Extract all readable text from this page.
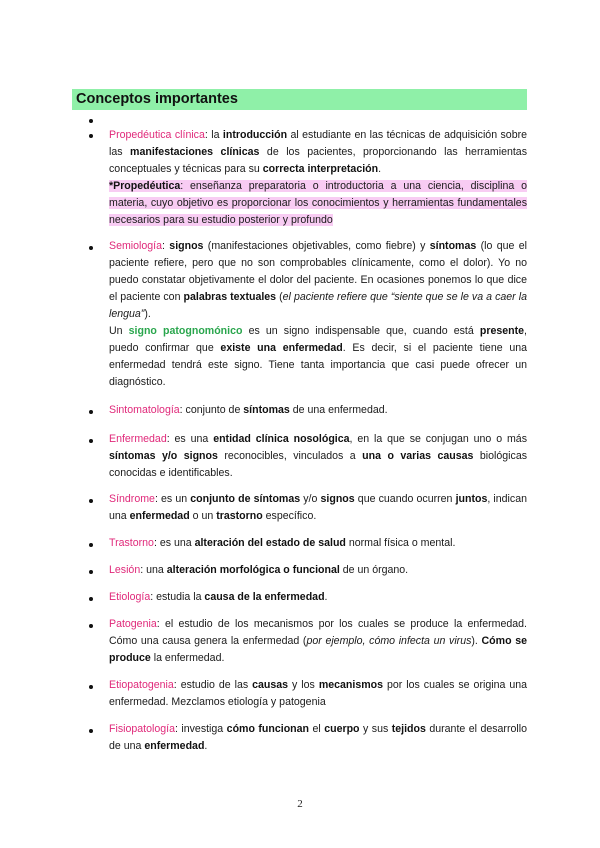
Conceptos importantes
Propedéutica clínica: la introducción al estudiante en las técnicas de adquisición sobre las manifestaciones clínicas de los pacientes, proporcionando las herramientas conceptuales y técnicas para su correcta interpretación.
*Propedéutica: enseñanza preparatoria o introductoria a una ciencia, disciplina o materia, cuyo objetivo es proporcionar los conocimientos y herramientas fundamentales necesarios para su estudio posterior y profundo
Semiología: signos (manifestaciones objetivables, como fiebre) y síntomas (lo que el paciente refiere, pero que no son comprobables clínicamente, como el dolor). Yo no puedo constatar objetivamente el dolor del paciente. En ocasiones ponemos lo que dice el paciente con palabras textuales (el paciente refiere que “siente que se le va a caer la lengua”).
Un signo patognomónico es un signo indispensable que, cuando está presente, puedo confirmar que existe una enfermedad. Es decir, si el paciente tiene una enfermedad tendrá este signo. Tiene tanta importancia que casi puede ofrecer un diagnóstico.
Sintomatología: conjunto de síntomas de una enfermedad.
Enfermedad: es una entidad clínica nosológica, en la que se conjugan uno o más síntomas y/o signos reconocibles, vinculados a una o varias causas biológicas conocidas e identificables.
Síndrome: es un conjunto de síntomas y/o signos que cuando ocurren juntos, indican una enfermedad o un trastorno específico.
Trastorno: es una alteración del estado de salud normal física o mental.
Lesión: una alteración morfológica o funcional de un órgano.
Etiología: estudia la causa de la enfermedad.
Patogenia: el estudio de los mecanismos por los cuales se produce la enfermedad. Cómo una causa genera la enfermedad (por ejemplo, cómo infecta un virus). Cómo se produce la enfermedad.
Etiopatogenia: estudio de las causas y los mecanismos por los cuales se origina una enfermedad. Mezclamos etiología y patogenia
Fisiopatología: investiga cómo funcionan el cuerpo y sus tejidos durante el desarrollo de una enfermedad.
2
